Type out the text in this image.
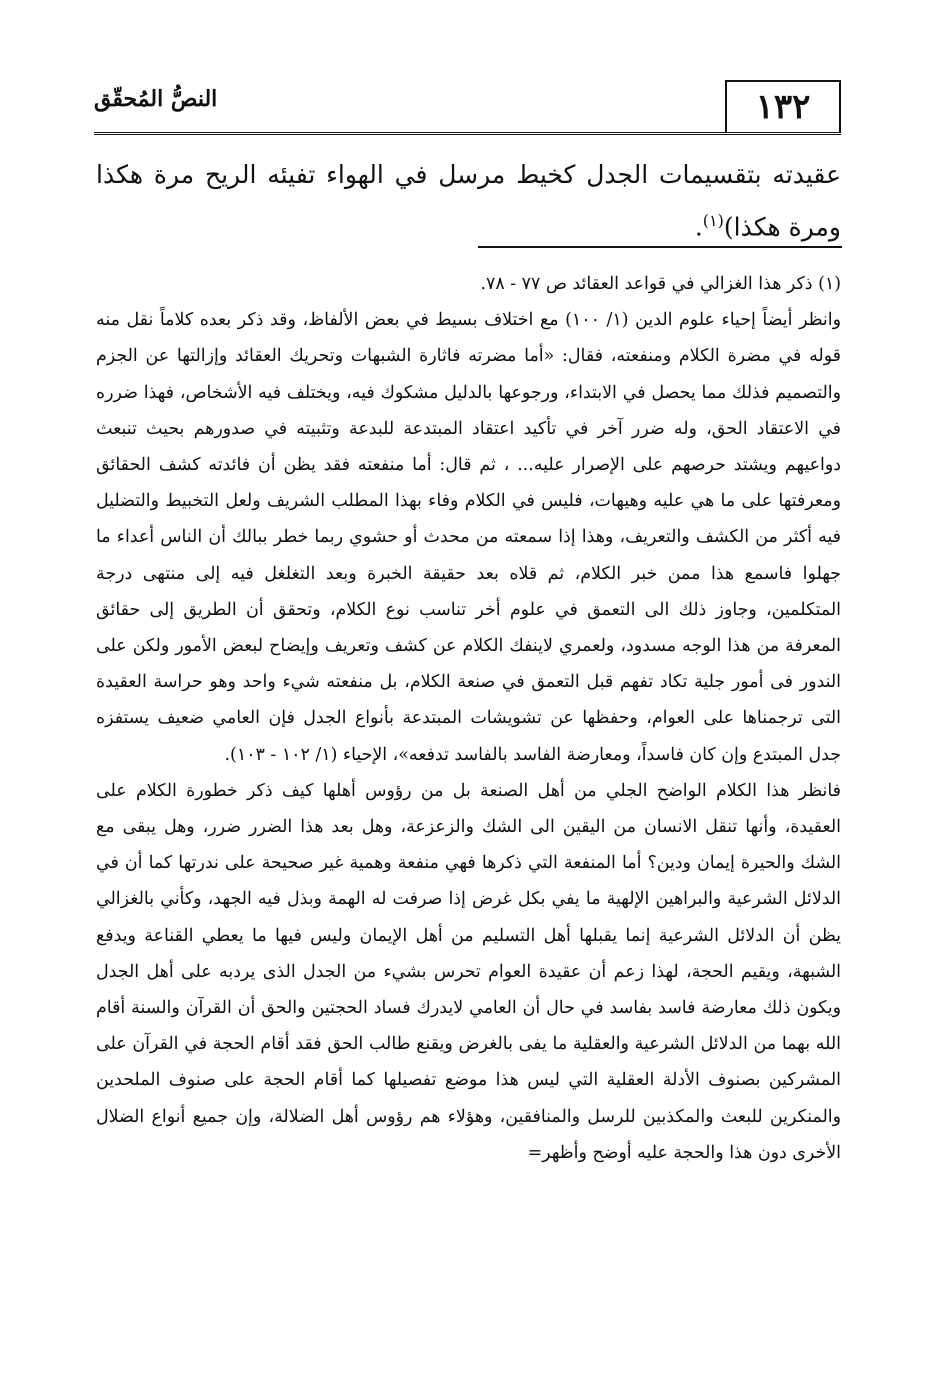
١٣٢
النصُّ المُحقّق

عقيدته بتقسيمات الجدل كخيط مرسل في الهواء تفيئه الريح مرة هكذا ومرة هكذا)$^{(١)}$.

(١) ذكر هذا الغزالي في قواعد العقائد ص ٧٧ - ٧٨.

وانظر أيضاً إحياء علوم الدين (١/ ١٠٠) مع اختلاف بسيط في بعض الألفاظ، وقد ذكر بعده كلاماً نقل منه قوله في مضرة الكلام ومنفعته، فقال: «أما مضرته فاثارة الشبهات وتحريك العقائد وإزالتها عن الجزم والتصميم فذلك مما يحصل في الابتداء، ورجوعها بالدليل مشكوك فيه، ويختلف فيه الأشخاص، فهذا ضرره في الاعتقاد الحق، وله ضرر آخر في تأكيد اعتقاد المبتدعة للبدعة وتثبيته في صدورهم بحيث تنبعث دواعيهم ويشتد حرصهم على الإصرار عليه... ، ثم قال: أما منفعته فقد يظن أن فائدته كشف الحقائق ومعرفتها على ما هي عليه وهيهات، فليس في الكلام وفاء بهذا المطلب الشريف ولعل التخبيط والتضليل فيه أكثر من الكشف والتعريف، وهذا إذا سمعته من محدث أو حشوي ربما خطر ببالك أن الناس أعداء ما جهلوا فاسمع هذا ممن خبر الكلام، ثم قلاه بعد حقيقة الخبرة وبعد التغلغل فيه إلى منتهى درجة المتكلمين، وجاوز ذلك الى التعمق في علوم أخر تناسب نوع الكلام، وتحقق أن الطريق إلى حقائق المعرفة من هذا الوجه مسدود، ولعمري لاينفك الكلام عن كشف وتعريف وإيضاح لبعض الأمور ولكن على الندور فى أمور جلية تكاد تفهم قبل التعمق في صنعة الكلام، بل منفعته شيء واحد وهو حراسة العقيدة التى ترجمناها على العوام، وحفظها عن تشويشات المبتدعة بأنواع الجدل فإن العامي ضعيف يستفزه جدل المبتدع وإن كان فاسداً، ومعارضة الفاسد بالفاسد تدفعه»، الإحياء (١/ ١٠٢ - ١٠٣).

فانظر هذا الكلام الواضح الجلي من أهل الصنعة بل من رؤوس أهلها كيف ذكر خطورة الكلام على العقيدة، وأنها تنقل الانسان من اليقين الى الشك والزعزعة، وهل بعد هذا الضرر ضرر، وهل يبقى مع الشك والحيرة إيمان ودين؟ أما المنفعة التي ذكرها فهي منفعة وهمية غير صحيحة على ندرتها كما أن في الدلائل الشرعية والبراهين الإلهية ما يفي بكل غرض إذا صرفت له الهمة وبذل فيه الجهد، وكأني بالغزالي يظن أن الدلائل الشرعية إنما يقبلها أهل التسليم من أهل الإيمان وليس فيها ما يعطي القناعة ويدفع الشبهة، ويقيم الحجة، لهذا زعم أن عقيدة العوام تحرس بشيء من الجدل الذى يردبه على أهل الجدل ويكون ذلك معارضة فاسد بفاسد في حال أن العامي لايدرك فساد الحجتين والحق أن القرآن والسنة أقام الله بهما من الدلائل الشرعية والعقلية ما يفى بالغرض ويقنع طالب الحق فقد أقام الحجة في القرآن على المشركين بصنوف الأدلة العقلية التي ليس هذا موضع تفصيلها كما أقام الحجة على صنوف الملحدين والمنكرين للبعث والمكذبين للرسل والمنافقين، وهؤلاء هم رؤوس أهل الضلالة، وإن جميع أنواع الضلال الأخرى دون هذا والحجة عليه أوضح وأظهر=
